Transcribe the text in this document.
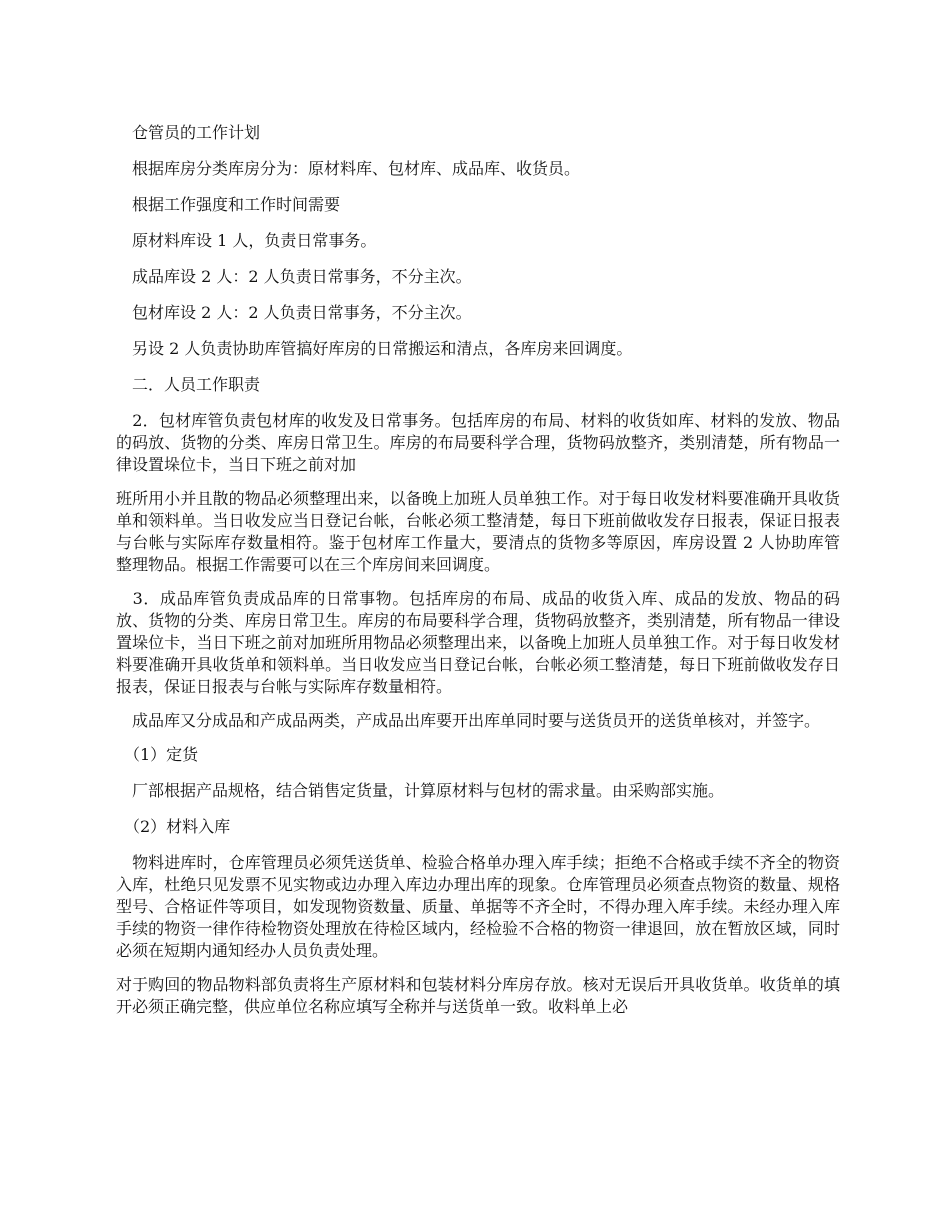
　仓管员的工作计划

　根据库房分类库房分为：原材料库、包材库、成品库、收货员。

　根据工作强度和工作时间需要

　原材料库设 1 人，负责日常事务。

　成品库设 2 人：2 人负责日常事务，不分主次。

　包材库设 2 人：2 人负责日常事务，不分主次。

　另设 2 人负责协助库管搞好库房的日常搬运和清点，各库房来回调度。

　二．人员工作职责

　2．包材库管负责包材库的收发及日常事务。包括库房的布局、材料的收货如库、材料的发放、物品的码放、货物的分类、库房日常卫生。库房的布局要科学合理，货物码放整齐，类别清楚，所有物品一律设置垛位卡，当日下班之前对加

班所用小并且散的物品必须整理出来，以备晚上加班人员单独工作。对于每日收发材料要准确开具收货单和领料单。当日收发应当日登记台帐，台帐必须工整清楚，每日下班前做收发存日报表，保证日报表与台帐与实际库存数量相符。鉴于包材库工作量大，要清点的货物多等原因，库房设置 2 人协助库管整理物品。根据工作需要可以在三个库房间来回调度。

　3．成品库管负责成品库的日常事物。包括库房的布局、成品的收货入库、成品的发放、物品的码放、货物的分类、库房日常卫生。库房的布局要科学合理，货物码放整齐，类别清楚，所有物品一律设置垛位卡，当日下班之前对加班所用物品必须整理出来，以备晚上加班人员单独工作。对于每日收发材料要准确开具收货单和领料单。当日收发应当日登记台帐，台帐必须工整清楚，每日下班前做收发存日报表，保证日报表与台帐与实际库存数量相符。

　成品库又分成品和产成品两类，产成品出库要开出库单同时要与送货员开的送货单核对，并签字。

　（1）定货

　厂部根据产品规格，结合销售定货量，计算原材料与包材的需求量。由采购部实施。

　（2）材料入库

　物料进库时，仓库管理员必须凭送货单、检验合格单办理入库手续；拒绝不合格或手续不齐全的物资入库，杜绝只见发票不见实物或边办理入库边办理出库的现象。仓库管理员必须查点物资的数量、规格型号、合格证件等项目，如发现物资数量、质量、单据等不齐全时，不得办理入库手续。未经办理入库手续的物资一律作待检物资处理放在待检区域内，经检验不合格的物资一律退回，放在暂放区域，同时必须在短期内通知经办人员负责处理。

对于购回的物品物料部负责将生产原材料和包装材料分库房存放。核对无误后开具收货单。收货单的填开必须正确完整，供应单位名称应填写全称并与送货单一致。收料单上必
